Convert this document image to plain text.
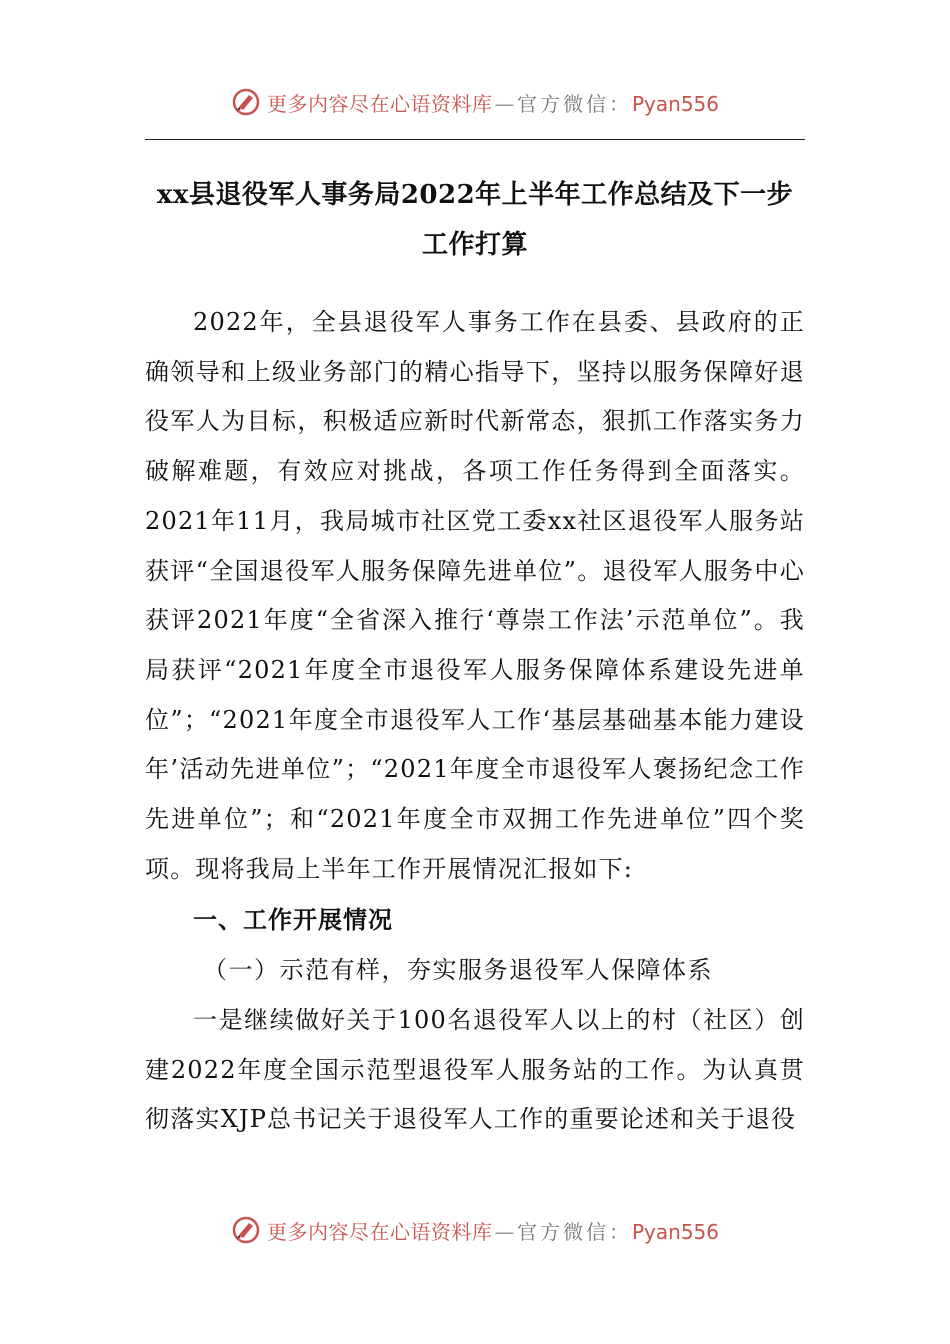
更多内容尽在心语资料库 — 官方微信：Pyan556
xx县退役军人事务局2022年上半年工作总结及下一步工作打算

2022年，全县退役军人事务工作在县委、县政府的正确领导和上级业务部门的精心指导下，坚持以服务保障好退役军人为目标，积极适应新时代新常态，狠抓工作落实务力破解难题，有效应对挑战，各项工作任务得到全面落实。2021年11月，我局城市社区党工委xx社区退役军人服务站获评“全国退役军人服务保障先进单位”。退役军人服务中心获评2021年度“全省深入推行‘尊崇工作法’示范单位”。我局获评“2021年度全市退役军人服务保障体系建设先进单位”；“2021年度全市退役军人工作‘基层基础基本能力建设年’活动先进单位”；“2021年度全市退役军人褒扬纪念工作先进单位”；和“2021年度全市双拥工作先进单位”四个奖项。现将我局上半年工作开展情况汇报如下:

一、工作开展情况
（一）示范有样，夯实服务退役军人保障体系

一是继续做好关于100名退役军人以上的村（社区）创建2022年度全国示范型退役军人服务站的工作。为认真贯彻落实XJP总书记关于退役军人工作的重要论述和关于退役

更多内容尽在心语资料库 — 官方微信：Pyan556
